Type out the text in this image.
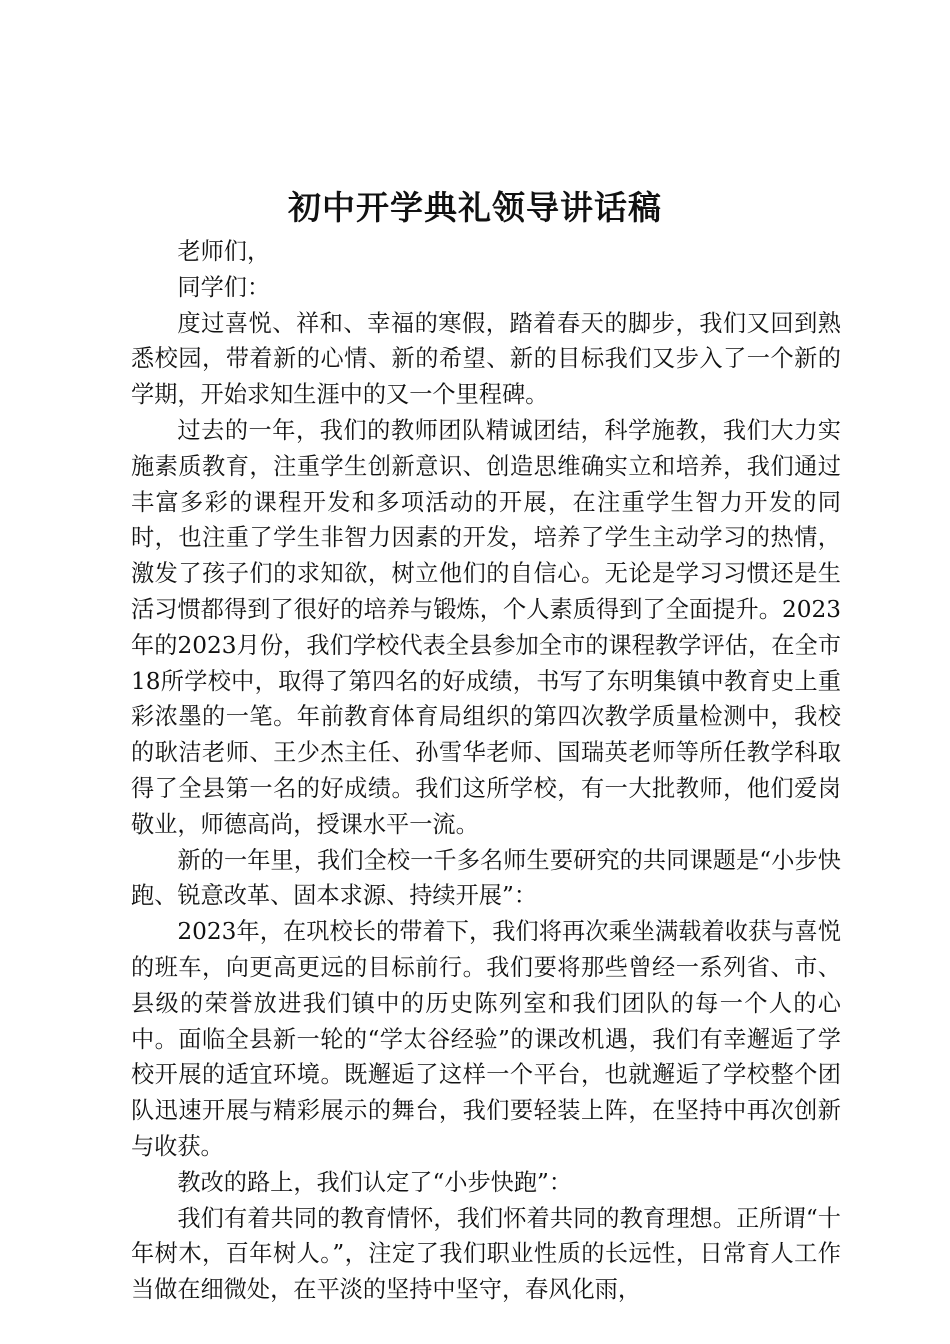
初中开学典礼领导讲话稿

老师们，

同学们：

度过喜悦、祥和、幸福的寒假，踏着春天的脚步，我们又回到熟悉校园，带着新的心情、新的希望、新的目标我们又步入了一个新的学期，开始求知生涯中的又一个里程碑。

过去的一年，我们的教师团队精诚团结，科学施教，我们大力实施素质教育，注重学生创新意识、创造思维确实立和培养，我们通过丰富多彩的课程开发和多项活动的开展，在注重学生智力开发的同时，也注重了学生非智力因素的开发，培养了学生主动学习的热情，激发了孩子们的求知欲，树立他们的自信心。无论是学习习惯还是生活习惯都得到了很好的培养与锻炼，个人素质得到了全面提升。2023年的2023月份，我们学校代表全县参加全市的课程教学评估，在全市18所学校中，取得了第四名的好成绩，书写了东明集镇中教育史上重彩浓墨的一笔。年前教育体育局组织的第四次教学质量检测中，我校的耿洁老师、王少杰主任、孙雪华老师、国瑞英老师等所任教学科取得了全县第一名的好成绩。我们这所学校，有一大批教师，他们爱岗敬业，师德高尚，授课水平一流。

新的一年里，我们全校一千多名师生要研究的共同课题是“小步快跑、锐意改革、固本求源、持续开展”：

2023年，在巩校长的带着下，我们将再次乘坐满载着收获与喜悦的班车，向更高更远的目标前行。我们要将那些曾经一系列省、市、县级的荣誉放进我们镇中的历史陈列室和我们团队的每一个人的心中。面临全县新一轮的“学太谷经验”的课改机遇，我们有幸邂逅了学校开展的适宜环境。既邂逅了这样一个平台，也就邂逅了学校整个团队迅速开展与精彩展示的舞台，我们要轻装上阵，在坚持中再次创新与收获。

教改的路上，我们认定了“小步快跑”：

我们有着共同的教育情怀，我们怀着共同的教育理想。正所谓“十年树木，百年树人。”，注定了我们职业性质的长远性，日常育人工作当做在细微处，在平淡的坚持中坚守，春风化雨，
